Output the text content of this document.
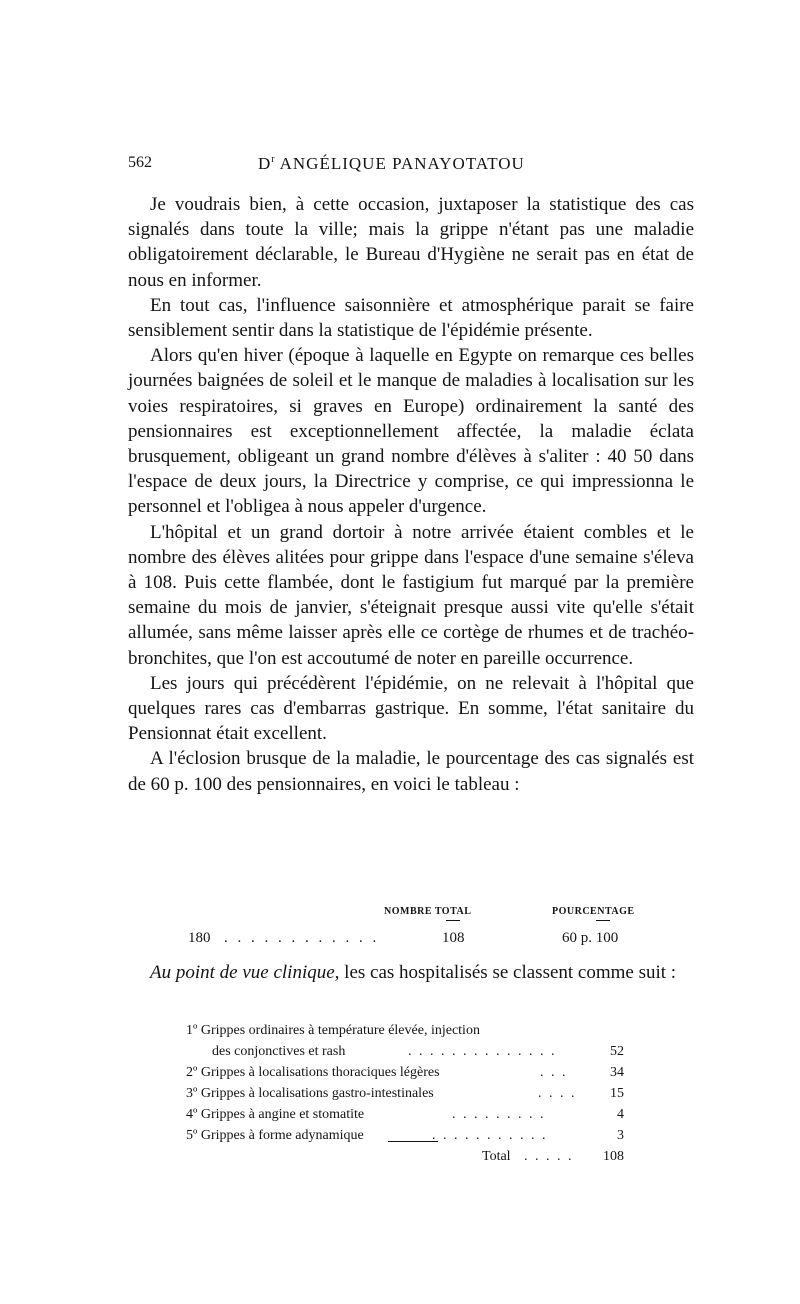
562	$D^r$ ANGÉLIQUE PANAYOTATOU

Je voudrais bien, à cette occasion, juxtaposer la statistique des cas signalés dans toute la ville; mais la grippe n'étant pas une maladie obligatoirement déclarable, le Bureau d'Hygiène ne serait pas en état de nous en informer.

En tout cas, l'influence saisonnière et atmosphérique parait se faire sensiblement sentir dans la statistique de l'épidémie présente.

Alors qu'en hiver (époque à laquelle en Egypte on remarque ces belles journées baignées de soleil et le manque de maladies à localisation sur les voies respiratoires, si graves en Europe) ordinairement la santé des pensionnaires est exceptionnellement affectée, la maladie éclata brusquement, obligeant un grand nombre d'élèves à s'aliter : 40 50 dans l'espace de deux jours, la Directrice y comprise, ce qui impressionna le personnel et l'obligea à nous appeler d'urgence.

L'hôpital et un grand dortoir à notre arrivée étaient combles et le nombre des élèves alitées pour grippe dans l'espace d'une semaine s'éleva à 108. Puis cette flambée, dont le fastigium fut marqué par la première semaine du mois de janvier, s'éteignait presque aussi vite qu'elle s'était allumée, sans même laisser après elle ce cortège de rhumes et de trachéo-bronchites, que l'on est accoutumé de noter en pareille occurrence.

Les jours qui précédèrent l'épidémie, on ne relevait à l'hôpital que quelques rares cas d'embarras gastrique. En somme, l'état sanitaire du Pensionnat était excellent.

A l'éclosion brusque de la maladie, le pourcentage des cas signalés est de 60 p. 100 des pensionnaires, en voici le tableau :

NOMBRE TOTAL	POURCENTAGE
180 . . . . . . . . . . . .	108	60 p. 100

Au point de vue clinique, les cas hospitalisés se classent comme suit :

1º Grippes ordinaires à température élevée, injection
des conjonctives et rash	. . . . . . . . . . . . . .	52
2º Grippes à localisations thoraciques légères	. . .	34
3º Grippes à localisations gastro-intestinales	. . . . 15
4º Grippes à angine et stomatite	. . . . . . . . .	4
5º Grippes à forme adynamique	. . . . . . . . . . .	3
Total . . . . . 108
